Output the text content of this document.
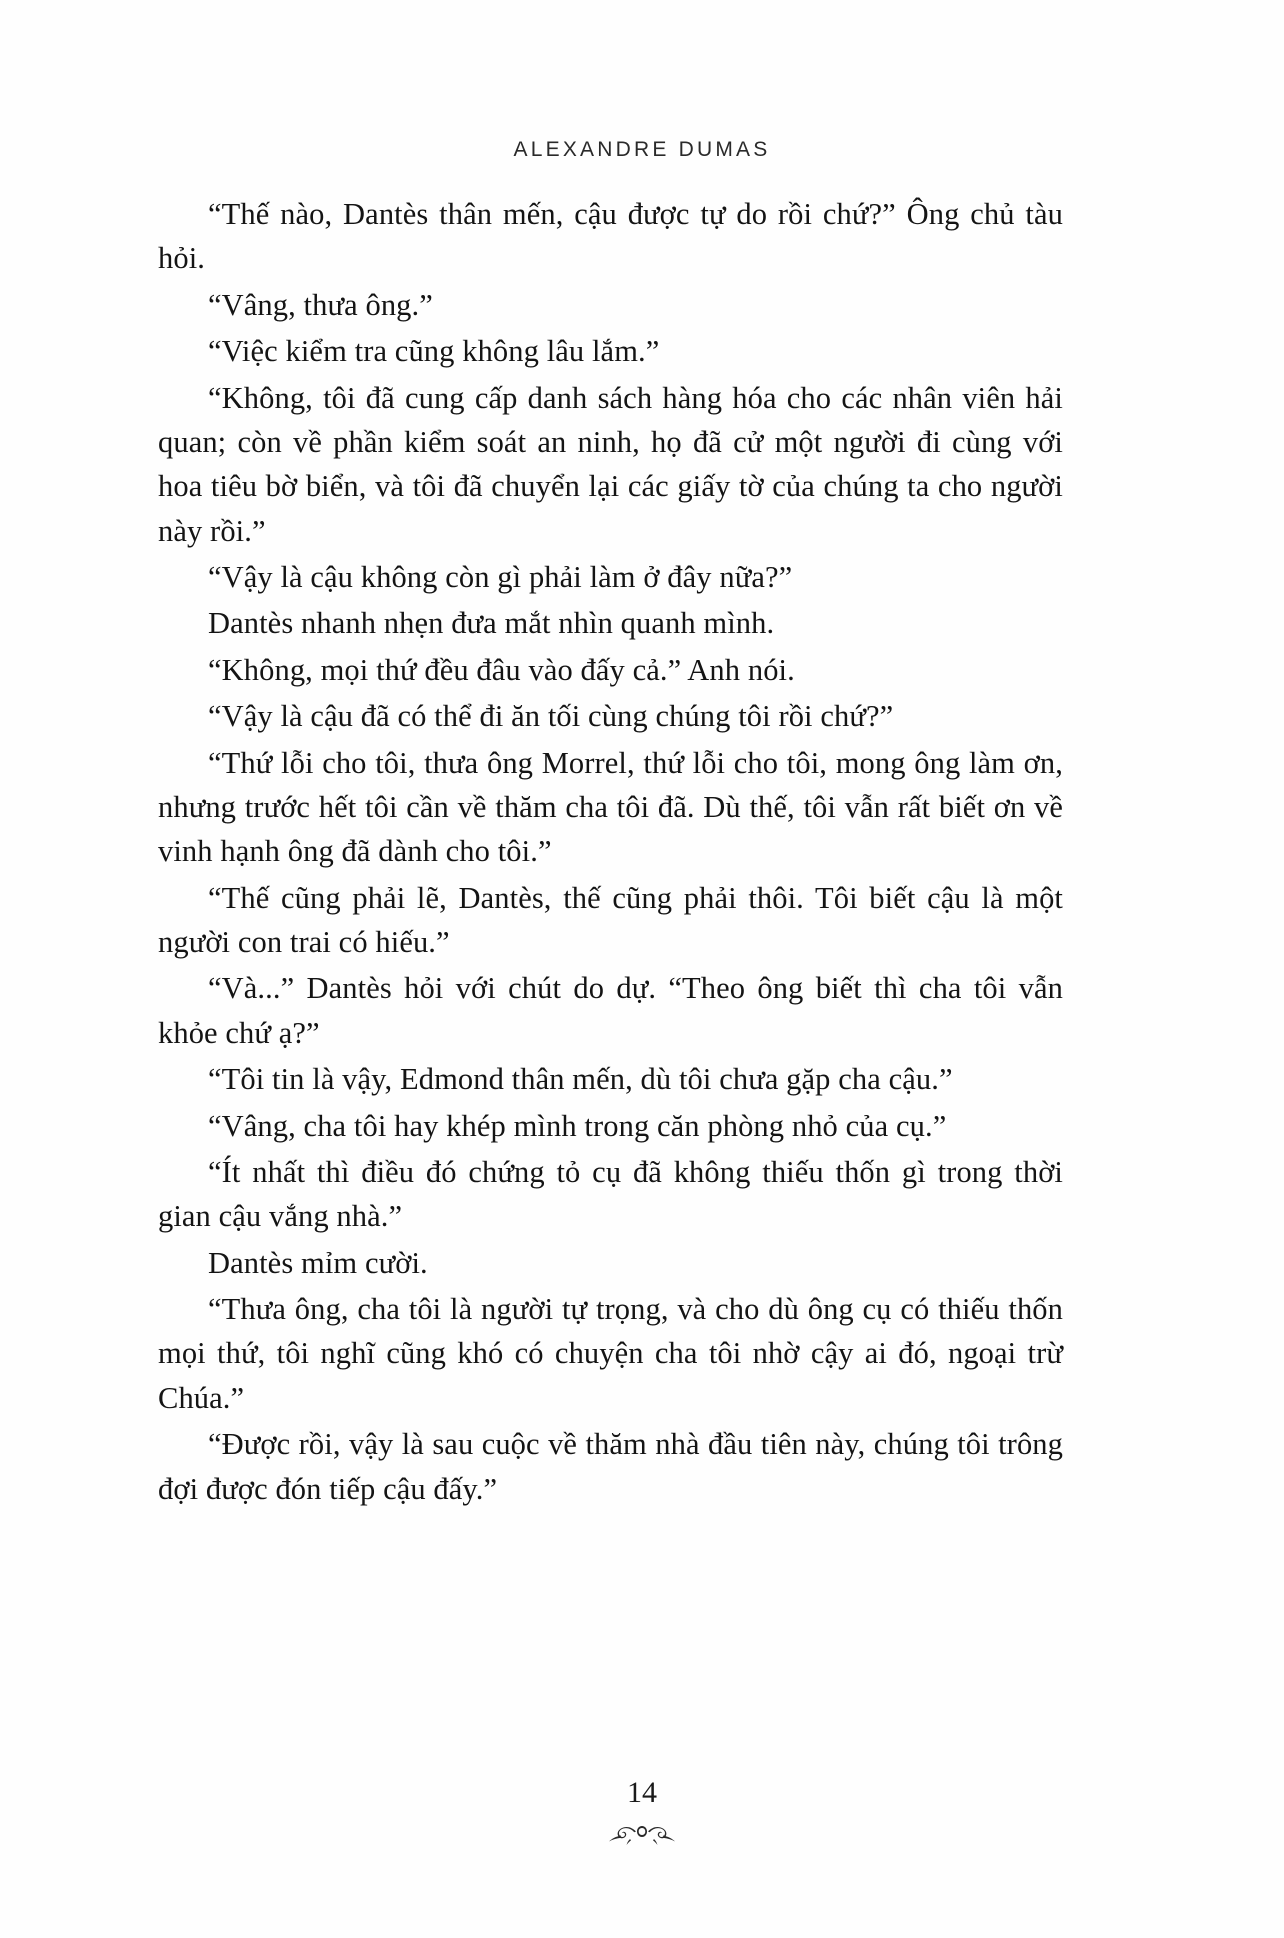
ALEXANDRE DUMAS

“Thế nào, Dantès thân mến, cậu được tự do rồi chứ?” Ông chủ tàu hỏi.

“Vâng, thưa ông.”

“Việc kiểm tra cũng không lâu lắm.”

“Không, tôi đã cung cấp danh sách hàng hóa cho các nhân viên hải quan; còn về phần kiểm soát an ninh, họ đã cử một người đi cùng với hoa tiêu bờ biển, và tôi đã chuyển lại các giấy tờ của chúng ta cho người này rồi.”

“Vậy là cậu không còn gì phải làm ở đây nữa?”

Dantès nhanh nhẹn đưa mắt nhìn quanh mình.

“Không, mọi thứ đều đâu vào đấy cả.” Anh nói.

“Vậy là cậu đã có thể đi ăn tối cùng chúng tôi rồi chứ?”

“Thứ lỗi cho tôi, thưa ông Morrel, thứ lỗi cho tôi, mong ông làm ơn, nhưng trước hết tôi cần về thăm cha tôi đã. Dù thế, tôi vẫn rất biết ơn về vinh hạnh ông đã dành cho tôi.”

“Thế cũng phải lẽ, Dantès, thế cũng phải thôi. Tôi biết cậu là một người con trai có hiếu.”

“Và...” Dantès hỏi với chút do dự. “Theo ông biết thì cha tôi vẫn khỏe chứ ạ?”

“Tôi tin là vậy, Edmond thân mến, dù tôi chưa gặp cha cậu.”

“Vâng, cha tôi hay khép mình trong căn phòng nhỏ của cụ.”

“Ít nhất thì điều đó chứng tỏ cụ đã không thiếu thốn gì trong thời gian cậu vắng nhà.”

Dantès mỉm cười.

“Thưa ông, cha tôi là người tự trọng, và cho dù ông cụ có thiếu thốn mọi thứ, tôi nghĩ cũng khó có chuyện cha tôi nhờ cậy ai đó, ngoại trừ Chúa.”

“Được rồi, vậy là sau cuộc về thăm nhà đầu tiên này, chúng tôi trông đợi được đón tiếp cậu đấy.”

14
